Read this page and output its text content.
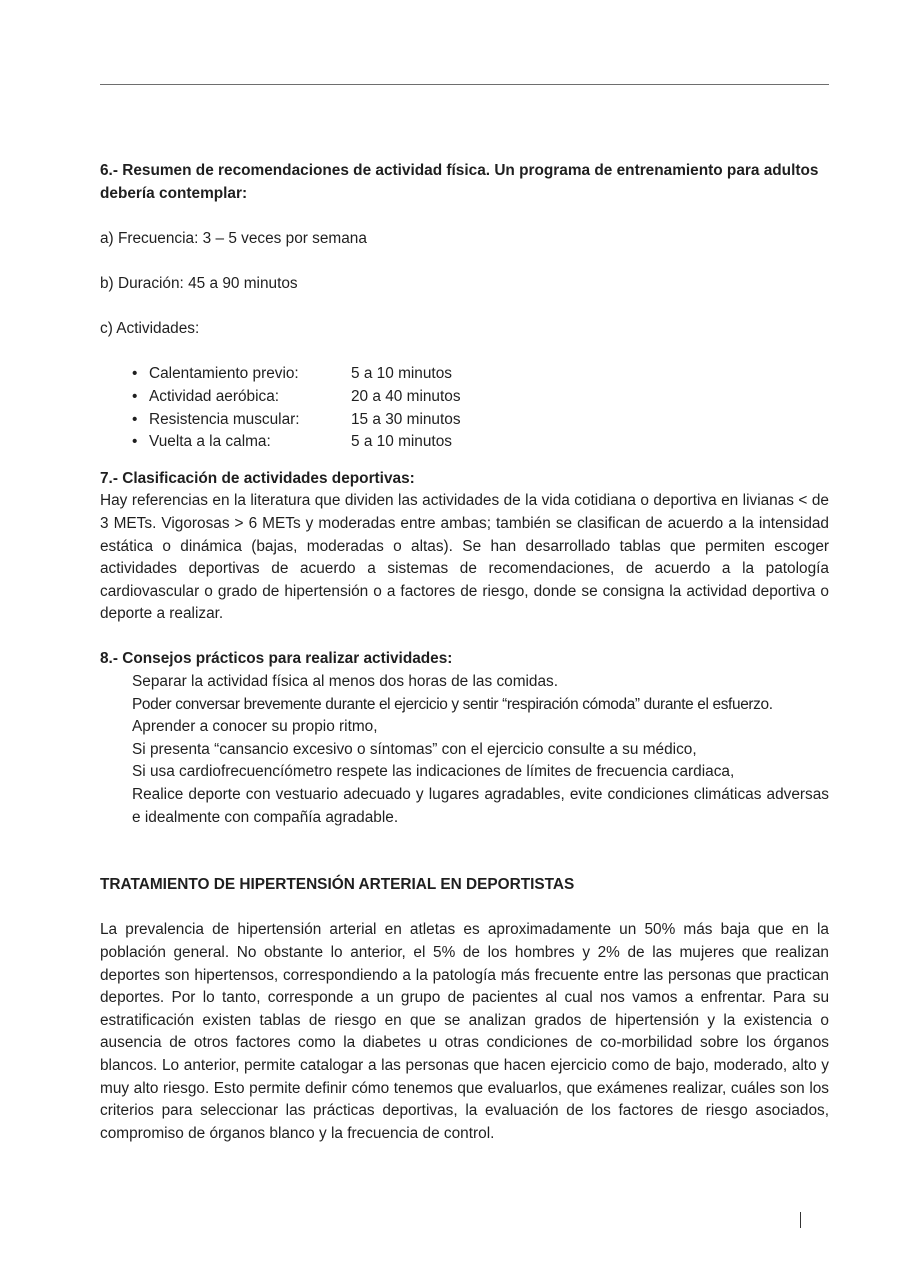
6.- Resumen de recomendaciones de actividad física. Un programa de entrenamiento para adultos debería contemplar:

a) Frecuencia: 3 – 5 veces por semana

b) Duración: 45 a 90 minutos

c) Actividades:

• Calentamiento previo:	5 a 10 minutos
• Actividad aeróbica:	20 a 40 minutos
• Resistencia muscular:	15 a 30 minutos
• Vuelta a la calma:	5 a 10 minutos

7.- Clasificación de actividades deportivas:

Hay referencias en la literatura que dividen las actividades de la vida cotidiana o deportiva en livianas < de 3 METs. Vigorosas > 6 METs y moderadas entre ambas; también se clasifican de acuerdo a la intensidad estática o dinámica (bajas, moderadas o altas). Se han desarrollado tablas que permiten escoger actividades deportivas de acuerdo a sistemas de recomendaciones, de acuerdo a la patología cardiovascular o grado de hipertensión o a factores de riesgo, donde se consigna la actividad deportiva o deporte a realizar.

8.- Consejos prácticos para realizar actividades:

Separar la actividad física al menos dos horas de las comidas.

Poder conversar brevemente durante el ejercicio y sentir “respiración cómoda” durante el esfuerzo.

Aprender a conocer su propio ritmo,

Si presenta “cansancio excesivo o síntomas” con el ejercicio consulte a su médico,

Si usa cardiofrecuencíómetro respete las indicaciones de límites de frecuencia cardiaca,

Realice deporte con vestuario adecuado y lugares agradables, evite condiciones climáticas adversas e idealmente con compañía agradable.

TRATAMIENTO DE HIPERTENSIÓN ARTERIAL EN DEPORTISTAS

La prevalencia de hipertensión arterial en atletas es aproximadamente un 50% más baja que en la población general. No obstante lo anterior, el 5% de los hombres y 2% de las mujeres que realizan deportes son hipertensos, correspondiendo a la patología más frecuente entre las personas que practican deportes. Por lo tanto, corresponde a un grupo de pacientes al cual nos vamos a enfrentar. Para su estratificación existen tablas de riesgo en que se analizan grados de hipertensión y la existencia o ausencia de otros factores como la diabetes u otras condiciones de co-morbilidad sobre los órganos blancos. Lo anterior, permite catalogar a las personas que hacen ejercicio como de bajo, moderado, alto y muy alto riesgo. Esto permite definir cómo tenemos que evaluarlos, que exámenes realizar, cuáles son los criterios para seleccionar las prácticas deportivas, la evaluación de los factores de riesgo asociados, compromiso de órganos blanco y la frecuencia de control.
